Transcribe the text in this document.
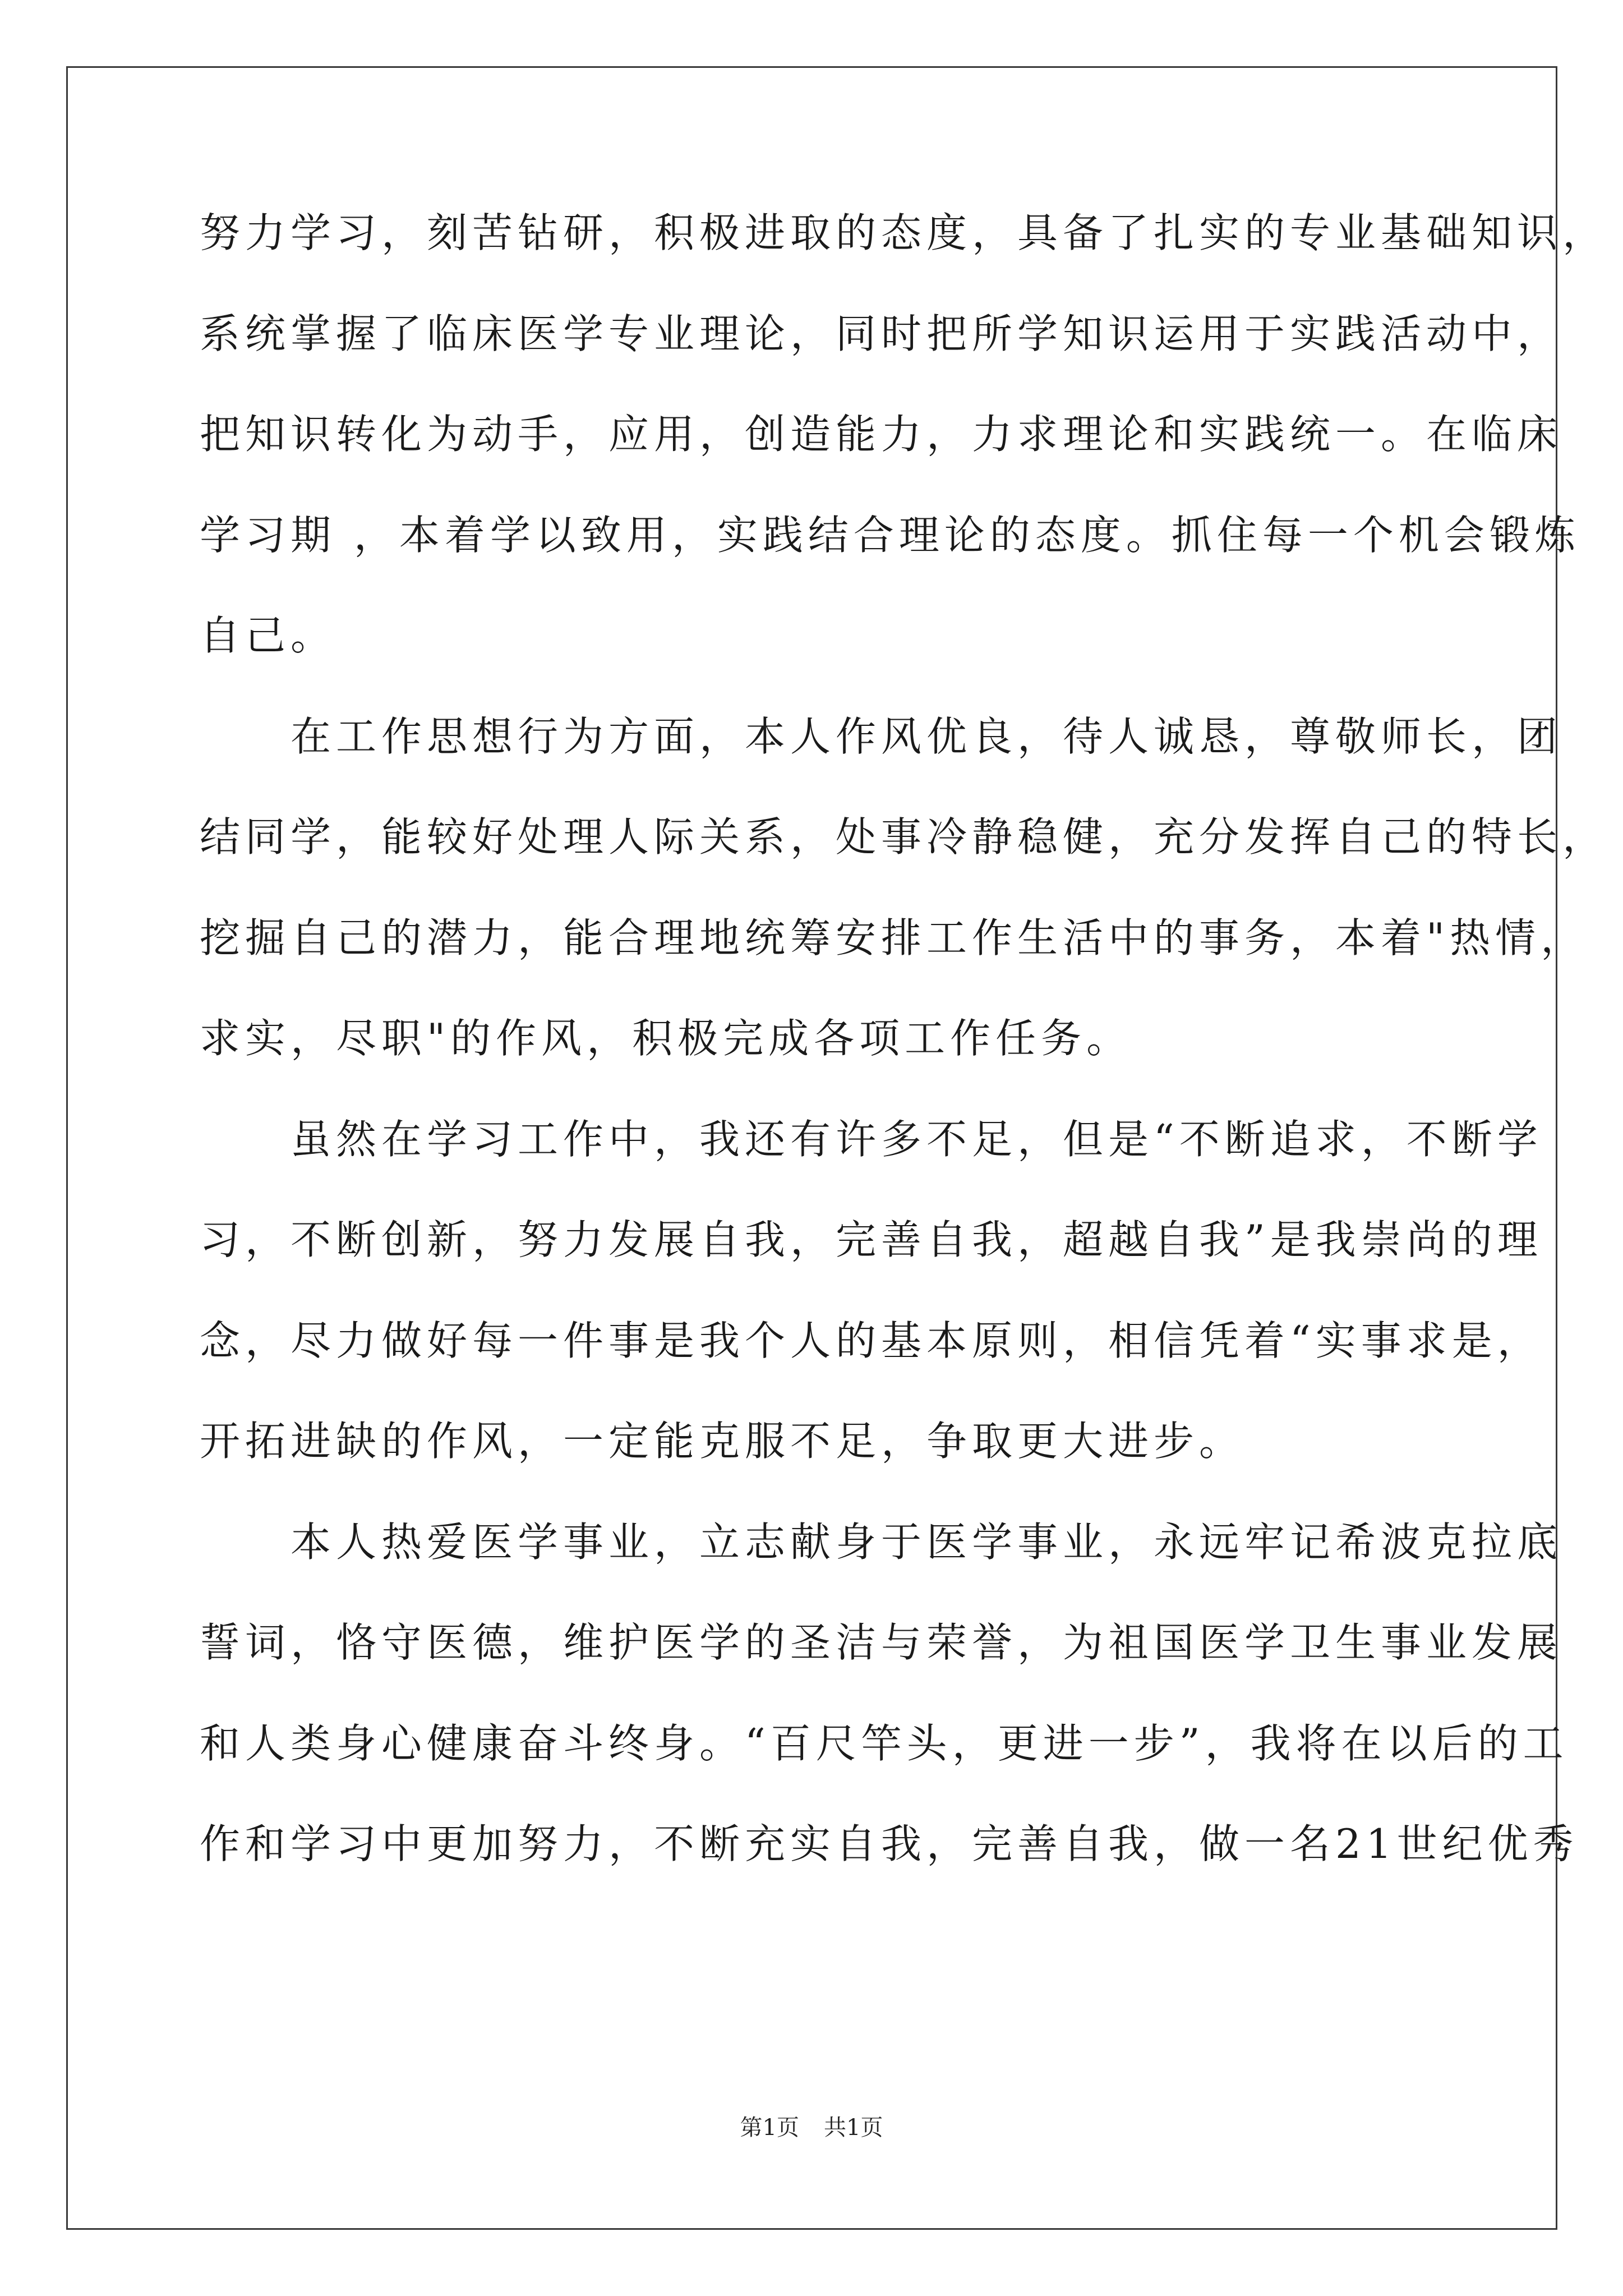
努力学习，刻苦钻研，积极进取的态度，具备了扎实的专业基础知识，
系统掌握了临床医学专业理论，同时把所学知识运用于实践活动中，
把知识转化为动手，应用，创造能力，力求理论和实践统一。在临床
学习期 ，本着学以致用，实践结合理论的态度。抓住每一个机会锻炼
自己。
　　在工作思想行为方面，本人作风优良，待人诚恳，尊敬师长，团
结同学，能较好处理人际关系，处事冷静稳健，充分发挥自己的特长，
挖掘自己的潜力，能合理地统筹安排工作生活中的事务，本着"热情，
求实，尽职"的作风，积极完成各项工作任务。
　　虽然在学习工作中，我还有许多不足，但是“不断追求，不断学
习，不断创新，努力发展自我，完善自我，超越自我”是我崇尚的理
念，尽力做好每一件事是我个人的基本原则，相信凭着“实事求是，
开拓进缺的作风，一定能克服不足，争取更大进步。
　　本人热爱医学事业，立志献身于医学事业，永远牢记希波克拉底
誓词，恪守医德，维护医学的圣洁与荣誉，为祖国医学卫生事业发展
和人类身心健康奋斗终身。“百尺竿头，更进一步”，我将在以后的工
作和学习中更加努力，不断充实自我，完善自我，做一名21世纪优秀
第1页 共1页
